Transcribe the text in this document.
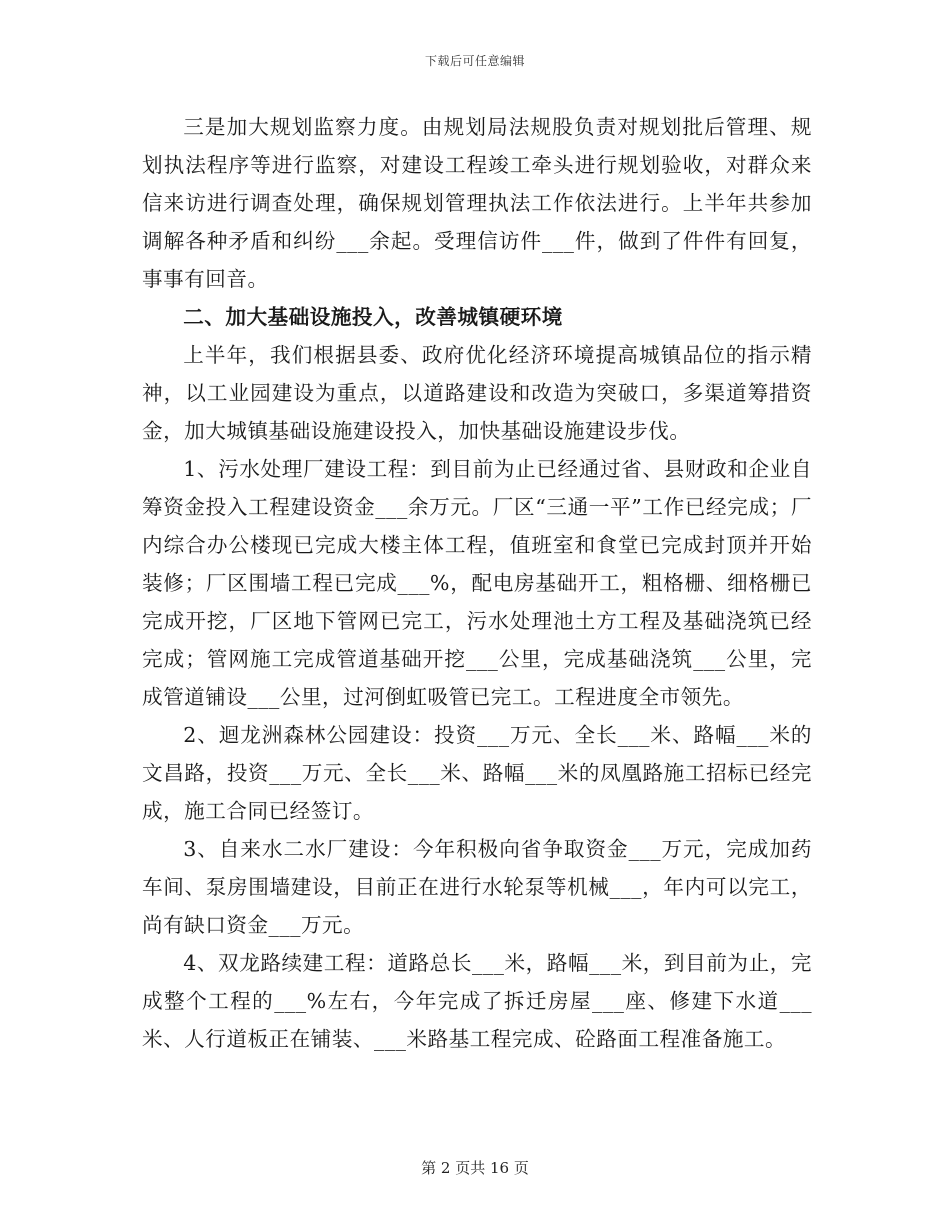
下载后可任意编辑

三是加大规划监察力度。由规划局法规股负责对规划批后管理、规划执法程序等进行监察，对建设工程竣工牵头进行规划验收，对群众来信来访进行调查处理，确保规划管理执法工作依法进行。上半年共参加调解各种矛盾和纠纷___余起。受理信访件___件，做到了件件有回复，事事有回音。

二、加大基础设施投入，改善城镇硬环境

上半年，我们根据县委、政府优化经济环境提高城镇品位的指示精神，以工业园建设为重点，以道路建设和改造为突破口，多渠道筹措资金，加大城镇基础设施建设投入，加快基础设施建设步伐。

1、污水处理厂建设工程：到目前为止已经通过省、县财政和企业自筹资金投入工程建设资金___余万元。厂区“三通一平”工作已经完成；厂内综合办公楼现已完成大楼主体工程，值班室和食堂已完成封顶并开始装修；厂区围墙工程已完成___%，配电房基础开工，粗格栅、细格栅已完成开挖，厂区地下管网已完工，污水处理池土方工程及基础浇筑已经完成；管网施工完成管道基础开挖___公里，完成基础浇筑___公里，完成管道铺设___公里，过河倒虹吸管已完工。工程进度全市领先。

2、迴龙洲森林公园建设：投资___万元、全长___米、路幅___米的文昌路，投资___万元、全长___米、路幅___米的凤凰路施工招标已经完成，施工合同已经签订。

3、自来水二水厂建设：今年积极向省争取资金___万元，完成加药车间、泵房围墙建设，目前正在进行水轮泵等机械___，年内可以完工，尚有缺口资金___万元。

4、双龙路续建工程：道路总长___米，路幅___米，到目前为止，完成整个工程的___%左右，今年完成了拆迁房屋___座、修建下水道___米、人行道板正在铺装、___米路基工程完成、砼路面工程准备施工。

第 2 页共 16 页
